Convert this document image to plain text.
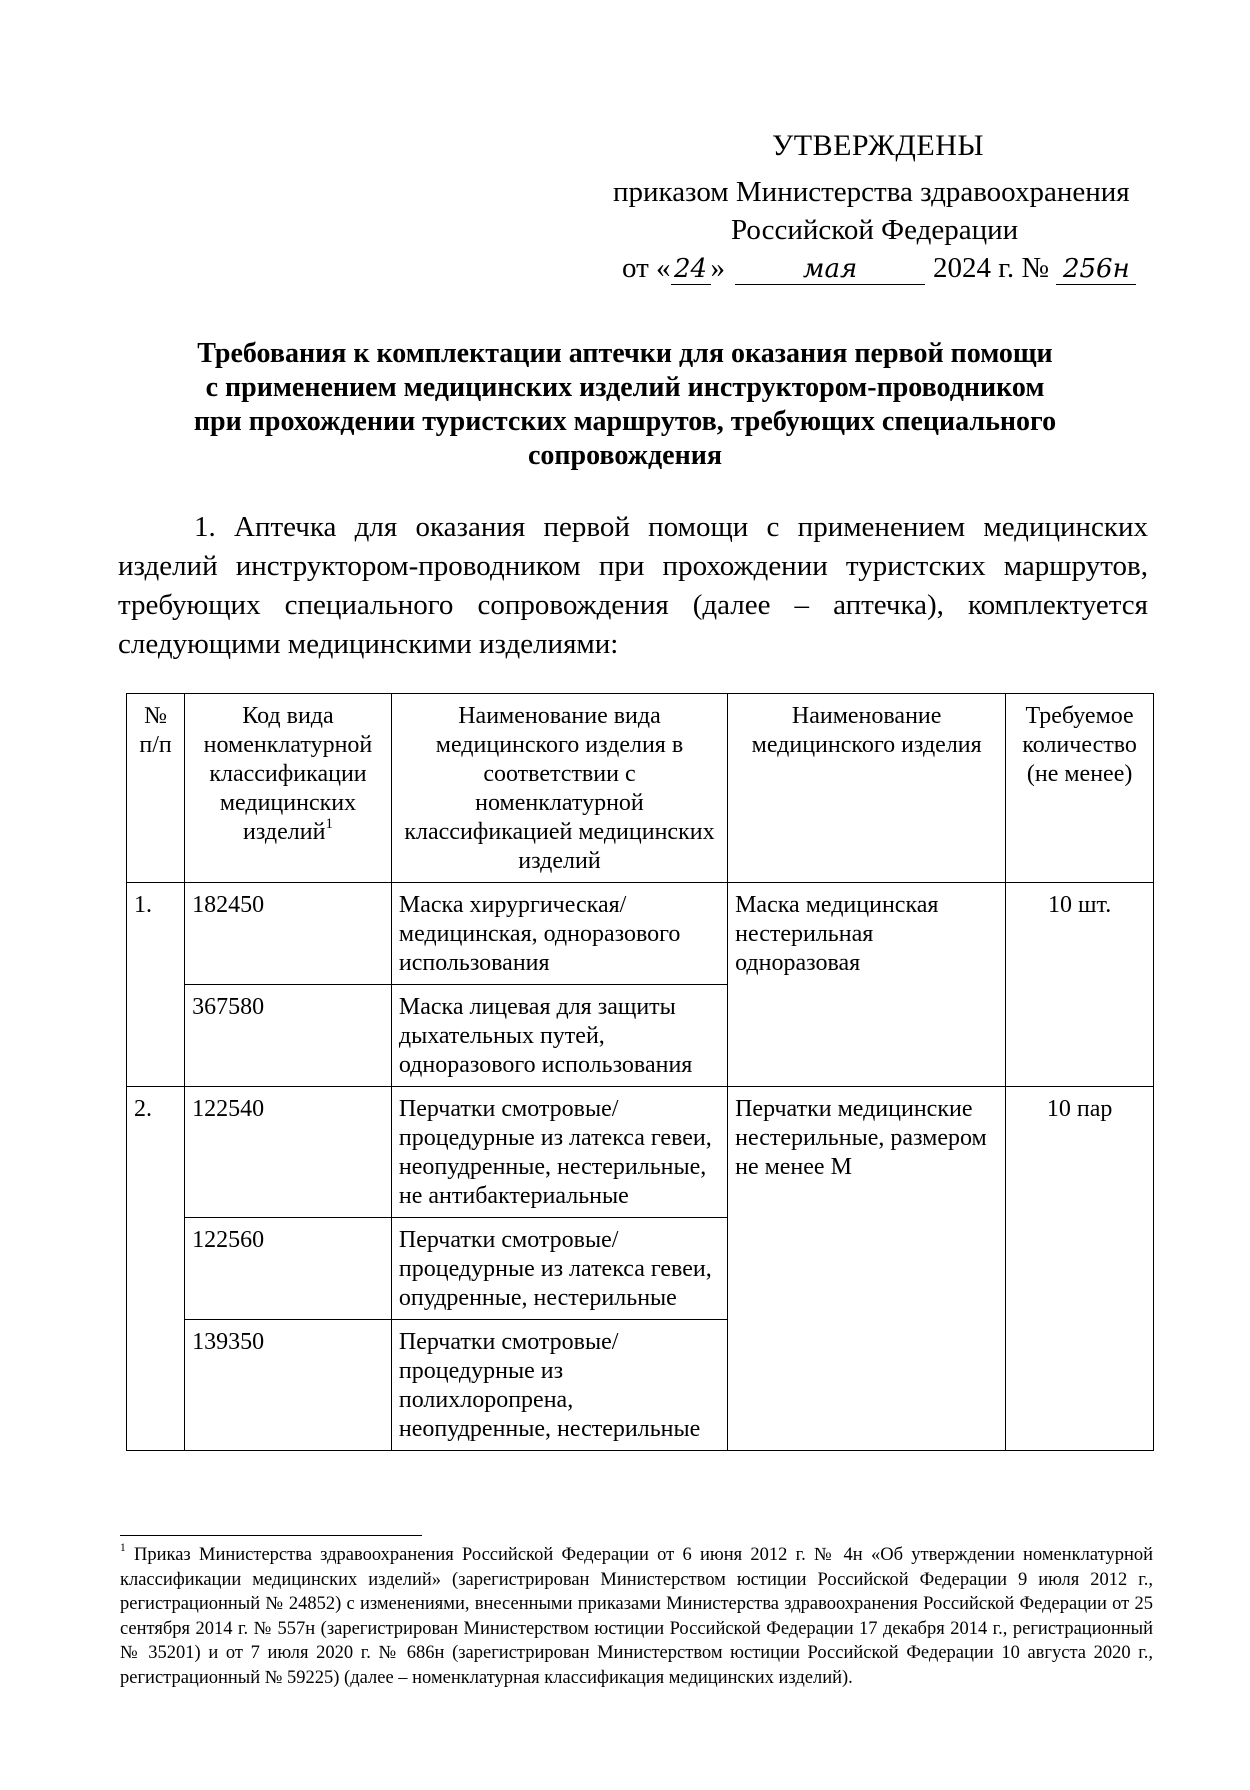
УТВЕРЖДЕНЫ
приказом Министерства здравоохранения
Российской Федерации
от « 24 »	мая	2024 г. № 256н
Требования к комплектации аптечки для оказания первой помощи
с применением медицинских изделий инструктором-проводником
при прохождении туристских маршрутов, требующих специального
сопровождения
1. Аптечка для оказания первой помощи с применением медицинских изделий инструктором-проводником при прохождении туристских маршрутов, требующих специального сопровождения (далее – аптечка), комплектуется следующими медицинскими изделиями:
№ п/п	Код вида номенклатурной классификации медицинских изделий$^1$	Наименование вида медицинского изделия в соответствии с номенклатурной классификацией медицинских изделий	Наименование медицинского изделия	Требуемое количество (не менее)
1.	182450	Маска хирургическая/ медицинская, одноразового использования	Маска медицинская нестерильная одноразовая	10 шт.
	367580	Маска лицевая для защиты дыхательных путей, одноразового использования		
2.	122540	Перчатки смотровые/ процедурные из латекса гевеи, неопудренные, нестерильные, не антибактериальные	Перчатки медицинские нестерильные, размером не менее М	10 пар
	122560	Перчатки смотровые/ процедурные из латекса гевеи, опудренные, нестерильные		
	139350	Перчатки смотровые/ процедурные из полихлоропрена, неопудренные, нестерильные		
$^1$ Приказ Министерства здравоохранения Российской Федерации от 6 июня 2012 г. № 4н «Об утверждении номенклатурной классификации медицинских изделий» (зарегистрирован Министерством юстиции Российской Федерации 9 июля 2012 г., регистрационный № 24852) с изменениями, внесенными приказами Министерства здравоохранения Российской Федерации от 25 сентября 2014 г. № 557н (зарегистрирован Министерством юстиции Российской Федерации 17 декабря 2014 г., регистрационный № 35201) и от 7 июля 2020 г. № 686н (зарегистрирован Министерством юстиции Российской Федерации 10 августа 2020 г., регистрационный № 59225) (далее – номенклатурная классификация медицинских изделий).
